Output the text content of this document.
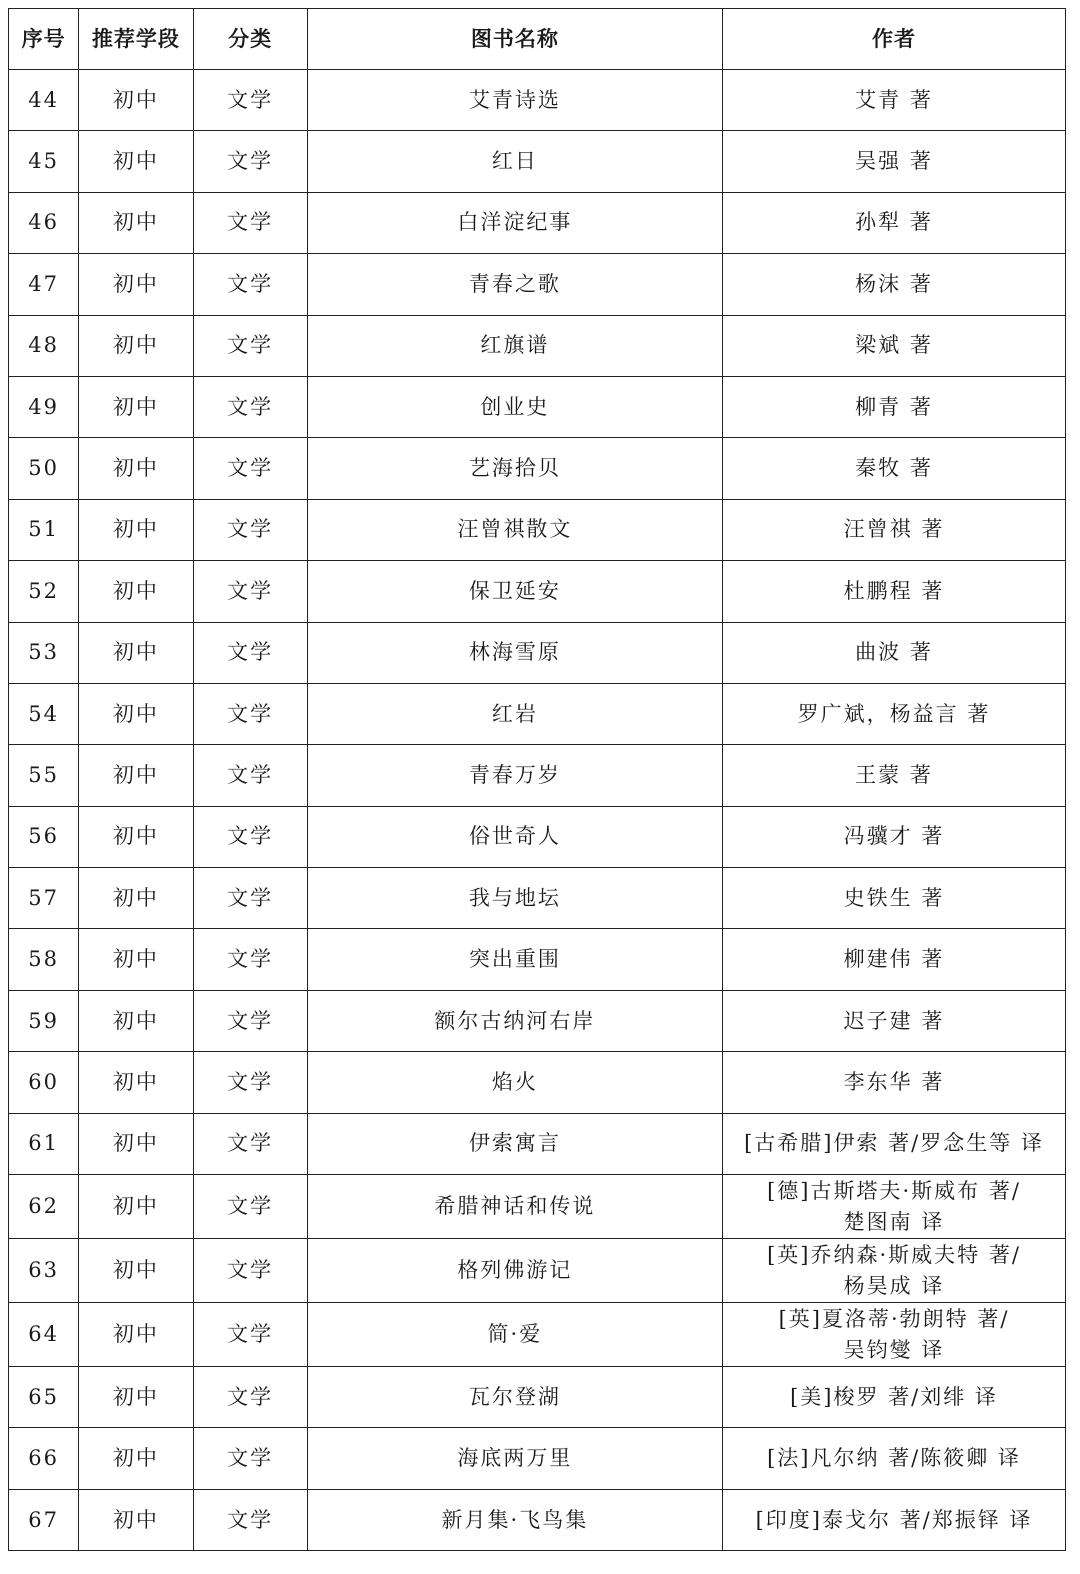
序号	推荐学段	分类	图书名称	作者
44	初中	文学	艾青诗选	艾青 著

45	初中	文学	红日	吴强 著

46	初中	文学	白洋淀纪事	孙犁 著

47	初中	文学	青春之歌	杨沫 著

48	初中	文学	红旗谱	梁斌 著

49	初中	文学	创业史	柳青 著

50	初中	文学	艺海拾贝	秦牧 著

51	初中	文学	汪曾祺散文	汪曾祺 著

52	初中	文学	保卫延安	杜鹏程 著

53	初中	文学	林海雪原	曲波 著

54	初中	文学	红岩	罗广斌，杨益言 著

55	初中	文学	青春万岁	王蒙 著

56	初中	文学	俗世奇人	冯骥才 著

57	初中	文学	我与地坛	史铁生 著

58	初中	文学	突出重围	柳建伟 著

59	初中	文学	额尔古纳河右岸	迟子建 著

60	初中	文学	焰火	李东华 著

61	初中	文学	伊索寓言	[古希腊]伊索 著/罗念生等 译

62	初中	文学	希腊神话和传说	[德]古斯塔夫·斯威布 著/
楚图南 译

63	初中	文学	格列佛游记	[英]乔纳森·斯威夫特 著/
杨昊成 译

64	初中	文学	简·爱	[英]夏洛蒂·勃朗特 著/
吴钧燮 译

65	初中	文学	瓦尔登湖	[美]梭罗 著/刘绯 译

66	初中	文学	海底两万里	[法]凡尔纳 著/陈筱卿 译

67	初中	文学	新月集·飞鸟集	[印度]泰戈尔 著/郑振铎 译
